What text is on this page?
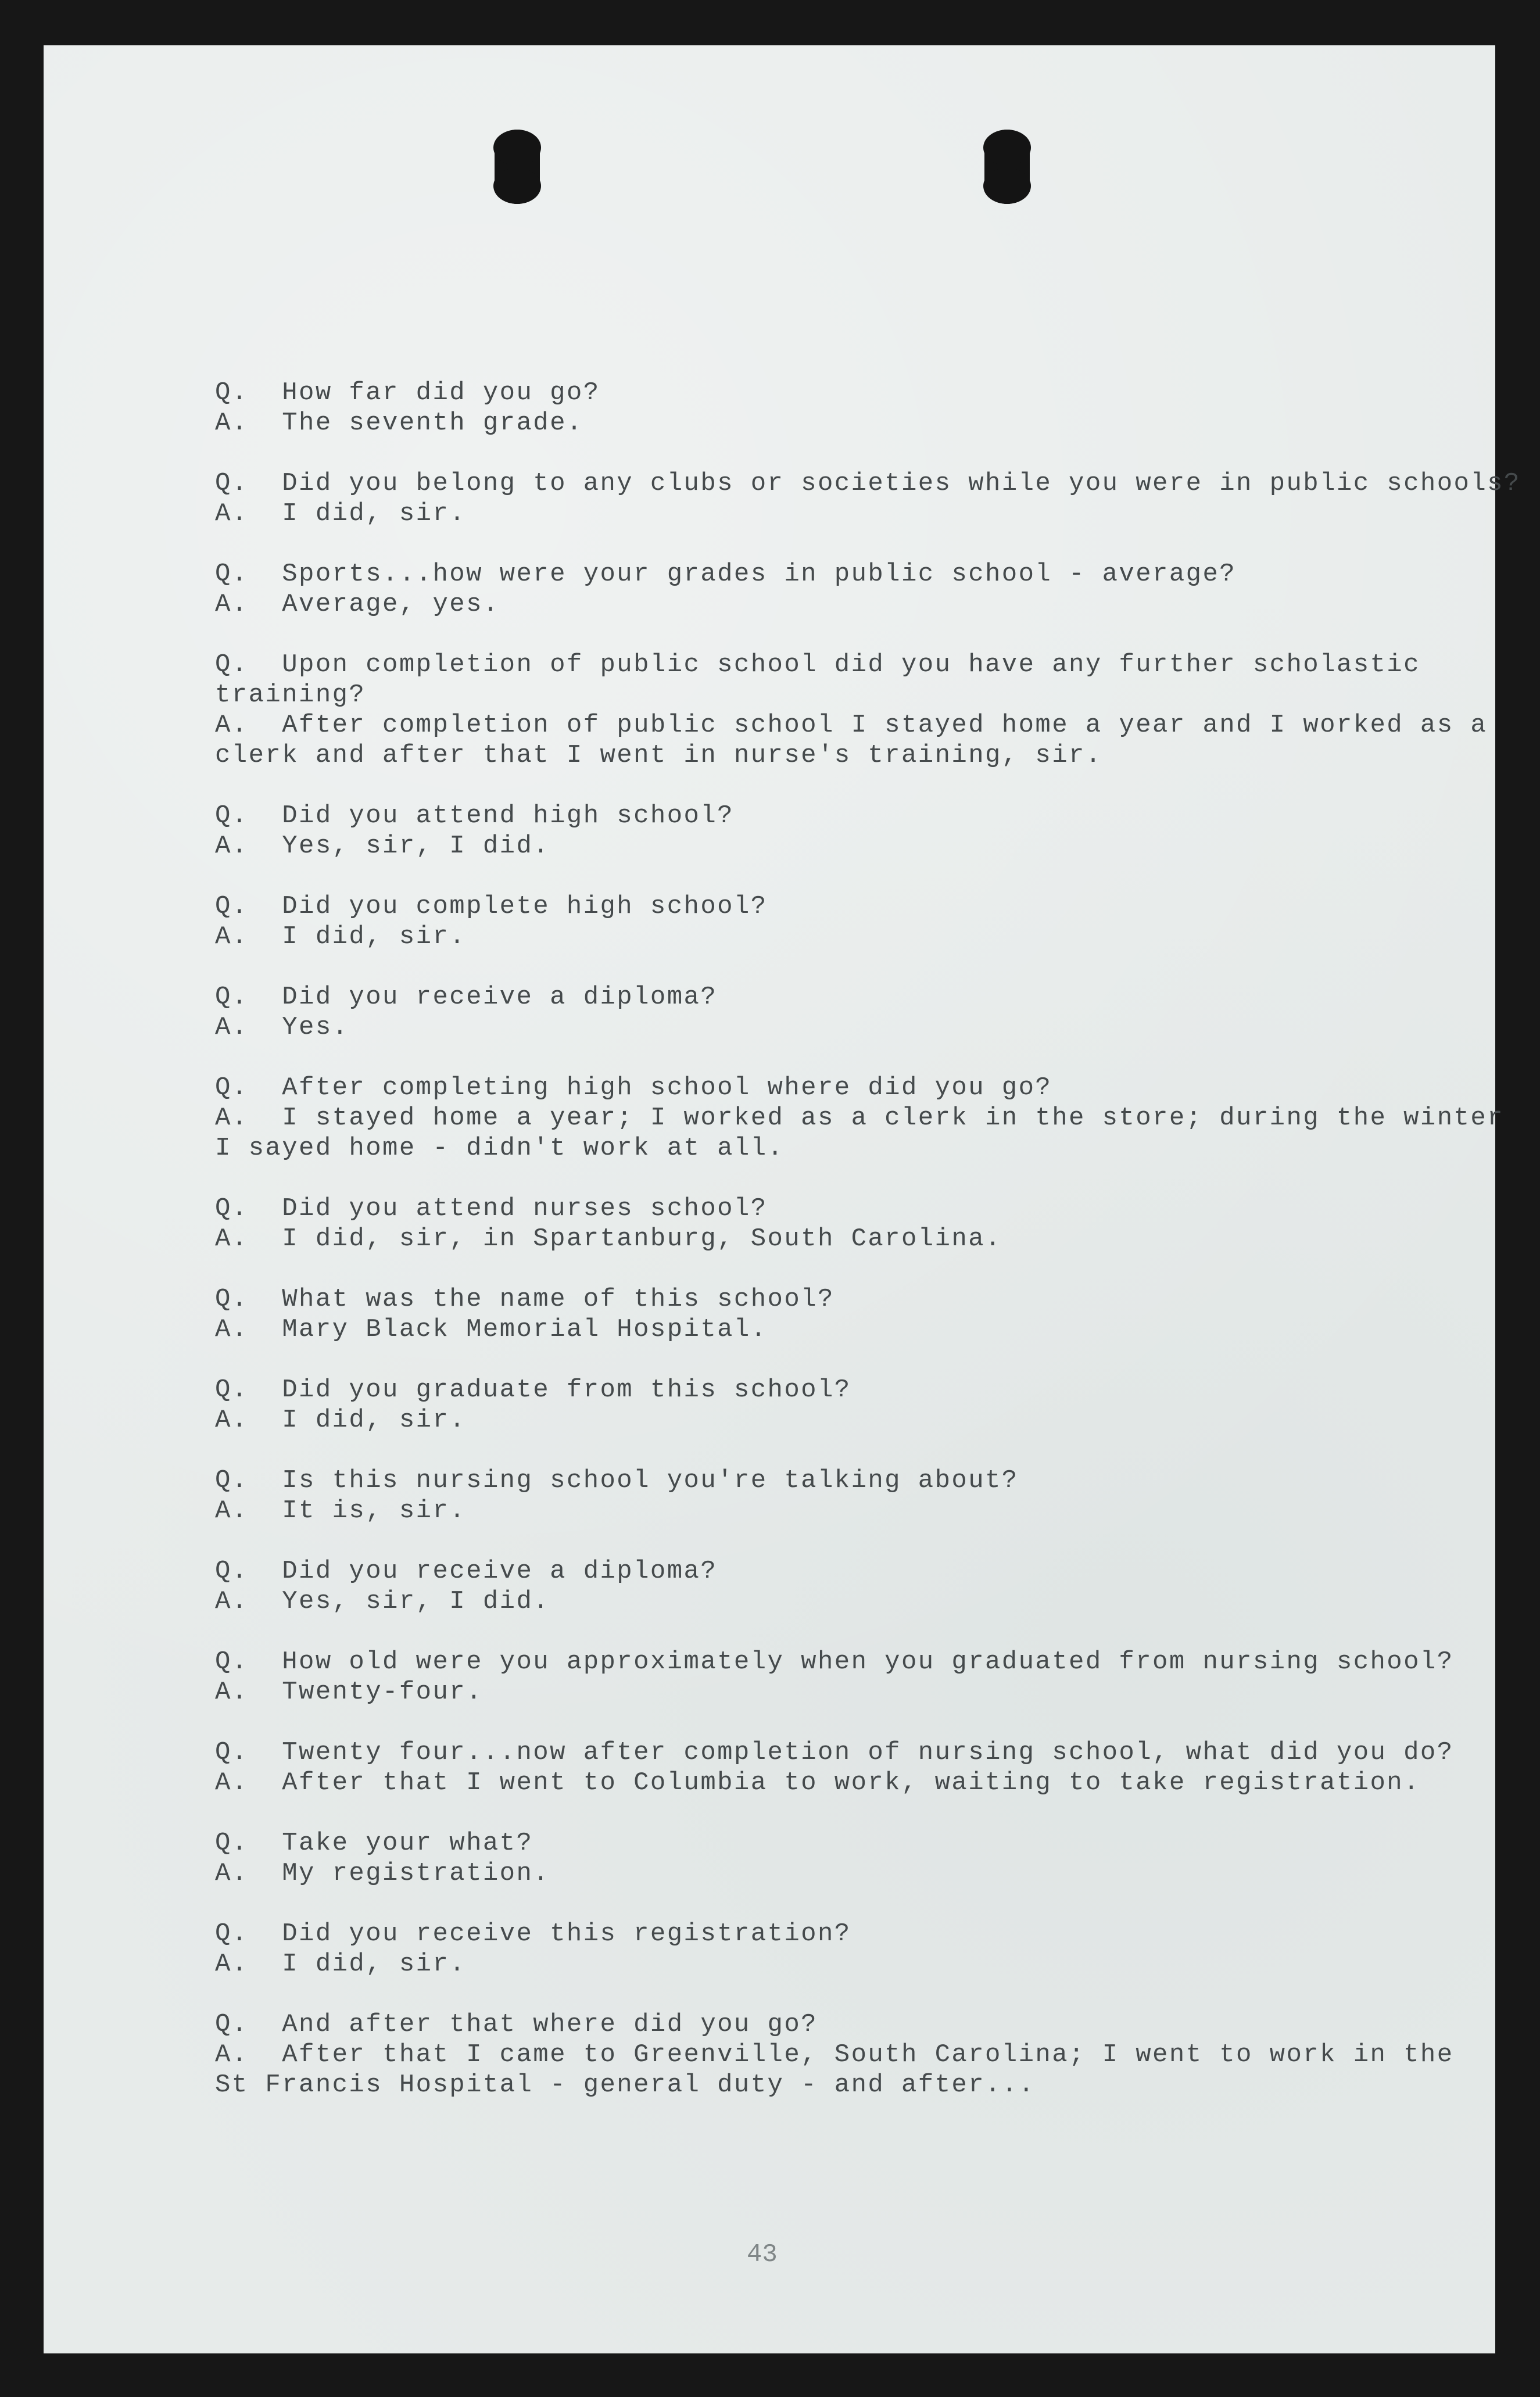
Q.  How far did you go?
A.  The seventh grade.
Q.  Did you belong to any clubs or societies while you were in public schools?
A.  I did, sir.
Q.  Sports...how were your grades in public school - average?
A.  Average, yes.
Q.  Upon completion of public school did you have any further scholastic
training?
A.  After completion of public school I stayed home a year and I worked as a
clerk and after that I went in nurse's training, sir.
Q.  Did you attend high school?
A.  Yes, sir, I did.
Q.  Did you complete high school?
A.  I did, sir.
Q.  Did you receive a diploma?
A.  Yes.
Q.  After completing high school where did you go?
A.  I stayed home a year; I worked as a clerk in the store; during the winter
I sayed home - didn't work at all.
Q.  Did you attend nurses school?
A.  I did, sir, in Spartanburg, South Carolina.
Q.  What was the name of this school?
A.  Mary Black Memorial Hospital.
Q.  Did you graduate from this school?
A.  I did, sir.
Q.  Is this nursing school you're talking about?
A.  It is, sir.
Q.  Did you receive a diploma?
A.  Yes, sir, I did.
Q.  How old were you approximately when you graduated from nursing school?
A.  Twenty-four.
Q.  Twenty four...now after completion of nursing school, what did you do?
A.  After that I went to Columbia to work, waiting to take registration.
Q.  Take your what?
A.  My registration.
Q.  Did you receive this registration?
A.  I did, sir.
Q.  And after that where did you go?
A.  After that I came to Greenville, South Carolina; I went to work in the
St Francis Hospital - general duty - and after...
43
